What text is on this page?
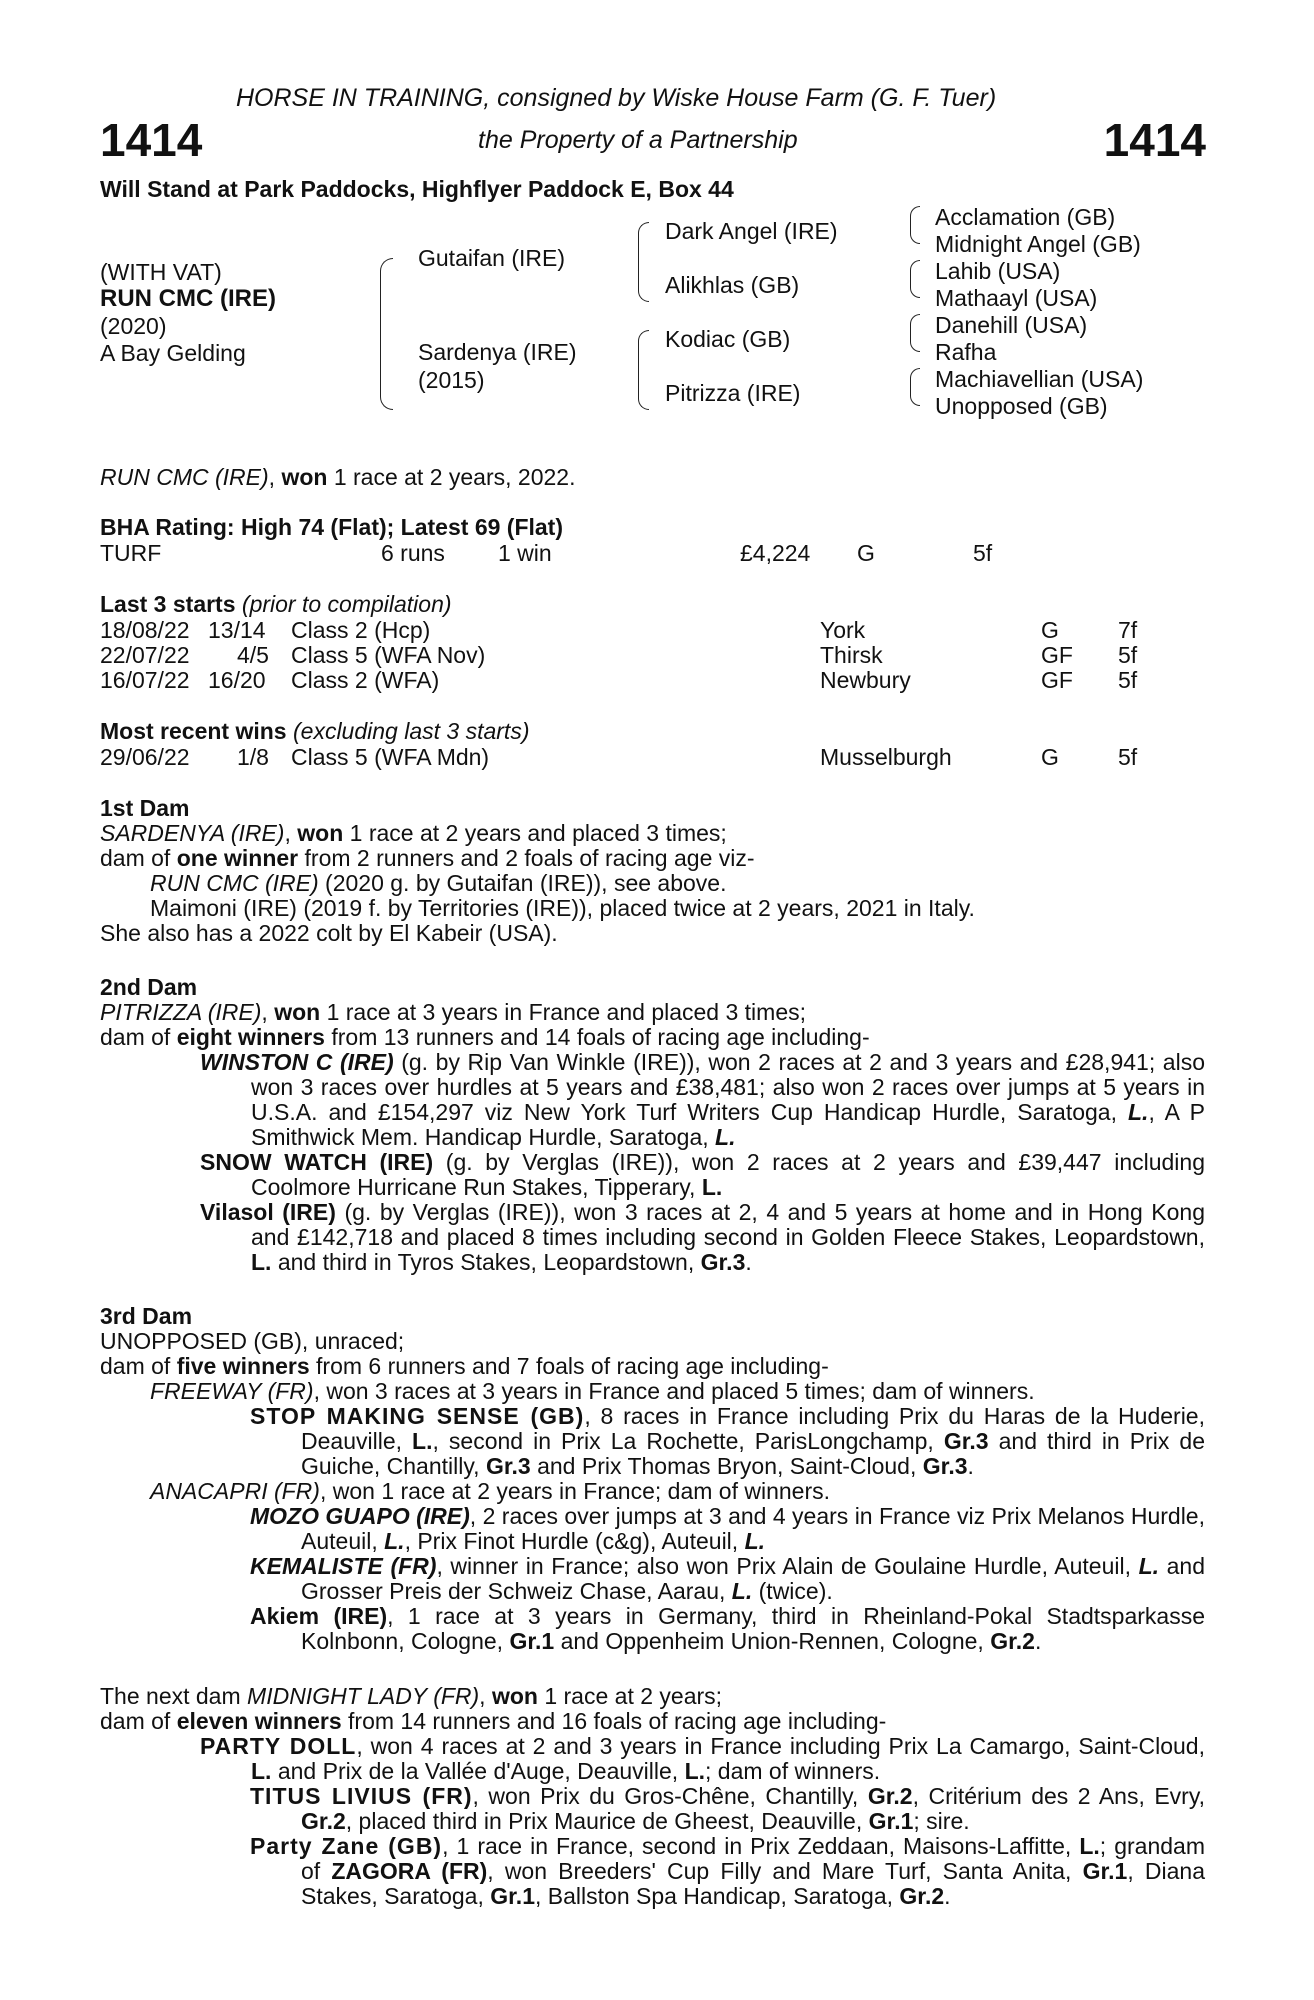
1414	1414
HORSE IN TRAINING, consigned by Wiske House Farm (G. F. Tuer)
the Property of a Partnership
Will Stand at Park Paddocks, Highflyer Paddock E, Box 44
(WITH VAT)
RUN CMC (IRE)
(2020)
A Bay Gelding
Gutaifan (IRE)
Sardenya (IRE)
(2015)
Dark Angel (IRE)
Alikhlas (GB)
Kodiac (GB)
Pitrizza (IRE)
Acclamation (GB)
Midnight Angel (GB)
Lahib (USA)
Mathaayl (USA)
Danehill (USA)
Rafha
Machiavellian (USA)
Unopposed (GB)
RUN CMC (IRE), won 1 race at 2 years, 2022.
BHA Rating: High 74 (Flat); Latest 69 (Flat)
TURF	6 runs 1 win	£4,224 G	5f
Last 3 starts (prior to compilation)
18/08/22 13/14 Class 2 (Hcp)	York	G	7f
22/07/22 4/5 Class 5 (WFA Nov)	Thirsk	GF 5f
16/07/22 16/20 Class 2 (WFA)	Newbury	GF 5f
Most recent wins (excluding last 3 starts)
29/06/22 1/8 Class 5 (WFA Mdn)	Musselburgh	G	5f

1st Dam

SARDENYA (IRE), won 1 race at 2 years and placed 3 times;

dam of one winner from 2 runners and 2 foals of racing age viz-

RUN CMC (IRE) (2020 g. by Gutaifan (IRE)), see above.

Maimoni (IRE) (2019 f. by Territories (IRE)), placed twice at 2 years, 2021 in Italy.

She also has a 2022 colt by El Kabeir (USA).

2nd Dam

PITRIZZA (IRE), won 1 race at 3 years in France and placed 3 times;

dam of eight winners from 13 runners and 14 foals of racing age including-

WINSTON C (IRE) (g. by Rip Van Winkle (IRE)), won 2 races at 2 and 3 years and £28,941; also won 3 races over hurdles at 5 years and £38,481; also won 2 races over jumps at 5 years in U.S.A. and £154,297 viz New York Turf Writers Cup Handicap Hurdle, Saratoga, L., A P Smithwick Mem. Handicap Hurdle, Saratoga, L.

SNOW WATCH (IRE) (g. by Verglas (IRE)), won 2 races at 2 years and £39,447 including Coolmore Hurricane Run Stakes, Tipperary, L.

Vilasol (IRE) (g. by Verglas (IRE)), won 3 races at 2, 4 and 5 years at home and in Hong Kong and £142,718 and placed 8 times including second in Golden Fleece Stakes, Leopardstown, L. and third in Tyros Stakes, Leopardstown, Gr.3.

3rd Dam

UNOPPOSED (GB), unraced;

dam of five winners from 6 runners and 7 foals of racing age including-

FREEWAY (FR), won 3 races at 3 years in France and placed 5 times; dam of winners.

STOP MAKING SENSE (GB), 8 races in France including Prix du Haras de la Huderie, Deauville, L., second in Prix La Rochette, ParisLongchamp, Gr.3 and third in Prix de Guiche, Chantilly, Gr.3 and Prix Thomas Bryon, Saint-Cloud, Gr.3.

ANACAPRI (FR), won 1 race at 2 years in France; dam of winners.

MOZO GUAPO (IRE), 2 races over jumps at 3 and 4 years in France viz Prix Melanos Hurdle, Auteuil, L., Prix Finot Hurdle (c&g), Auteuil, L.

KEMALISTE (FR), winner in France; also won Prix Alain de Goulaine Hurdle, Auteuil, L. and Grosser Preis der Schweiz Chase, Aarau, L. (twice).

Akiem (IRE), 1 race at 3 years in Germany, third in Rheinland-Pokal Stadtsparkasse Kolnbonn, Cologne, Gr.1 and Oppenheim Union-Rennen, Cologne, Gr.2.

The next dam MIDNIGHT LADY (FR), won 1 race at 2 years;

dam of eleven winners from 14 runners and 16 foals of racing age including-

PARTY DOLL, won 4 races at 2 and 3 years in France including Prix La Camargo, Saint-Cloud, L. and Prix de la Vallée d'Auge, Deauville, L.; dam of winners.

TITUS LIVIUS (FR), won Prix du Gros-Chêne, Chantilly, Gr.2, Critérium des 2 Ans, Evry, Gr.2, placed third in Prix Maurice de Gheest, Deauville, Gr.1; sire.

Party Zane (GB), 1 race in France, second in Prix Zeddaan, Maisons-Laffitte, L.; grandam of ZAGORA (FR), won Breeders' Cup Filly and Mare Turf, Santa Anita, Gr.1, Diana Stakes, Saratoga, Gr.1, Ballston Spa Handicap, Saratoga, Gr.2.
